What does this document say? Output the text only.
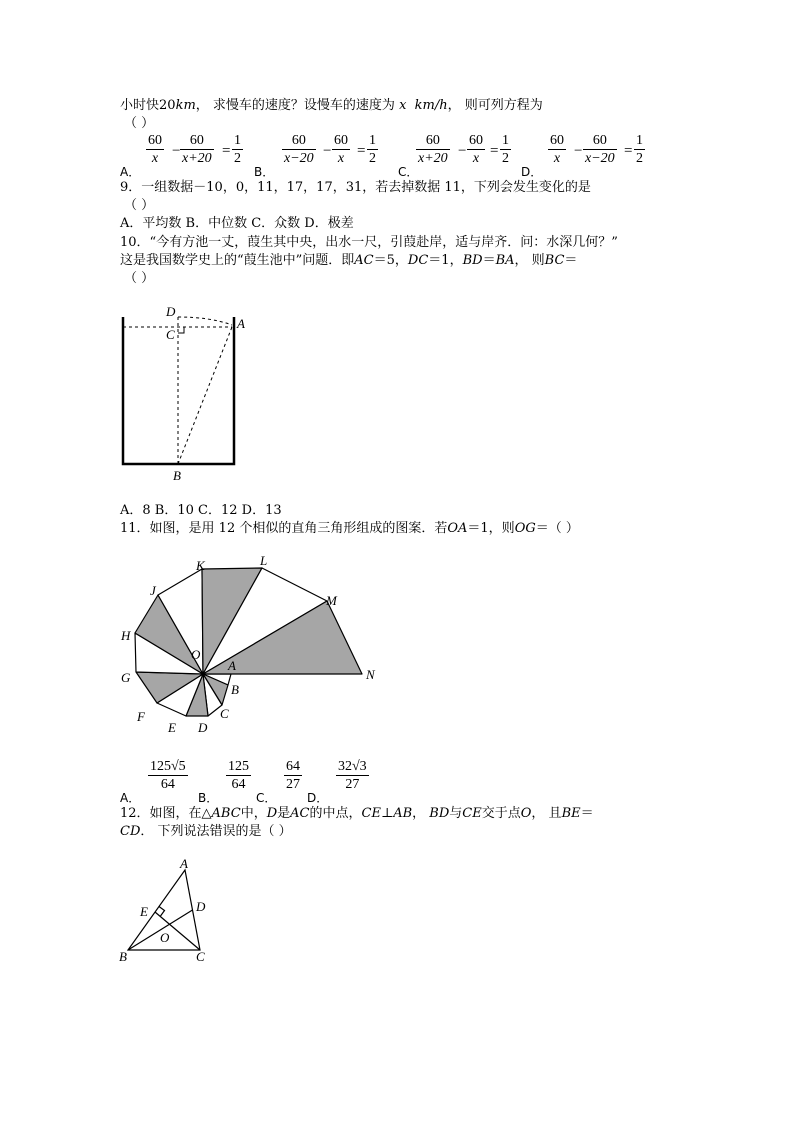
小时快20km， 求慢车的速度？设慢车的速度为 x km/h， 则可列方程为
（ ）
$\frac{60}{x} - \frac{60}{x+20} = \frac{1}{2}$
A．
$\frac{60}{x-20} - \frac{60}{x} = \frac{1}{2}$
B．
$\frac{60}{x+20} - \frac{60}{x} = \frac{1}{2}$
C．
$\frac{60}{x} - \frac{60}{x-20} = \frac{1}{2}$
D．
9．一组数据－10，0，11，17，17，31，若去掉数据 11，下列会发生变化的是
（ ）
A．平均数 B．中位数 C．众数 D．极差
10．“今有方池一丈，葭生其中央，出水一尺，引葭赴岸，适与岸齐．问：水深几何？”
这是我国数学史上的“葭生池中”问题．即AC＝5，DC＝1，BD＝BA， 则BC＝
（ ）
D
C
A
B
A．8 B．10 C．12 D．13
11．如图，是用 12 个相似的直角三角形组成的图案．若OA＝1，则OG＝（ ）
K	L
J
M
H
O
A
G	N
B
F	C
E D
$\frac{125√5}{64}$
A．
$\frac{125}{64}$
B．
$\frac{64}{27}$
C．
$\frac{32√3}{27}$
D．
12．如图，在△ABC中，D是AC的中点，CE⊥AB， BD与CE交于点O， 且BE＝
CD． 下列说法错误的是（ ）
A
E	D
O
B	C
